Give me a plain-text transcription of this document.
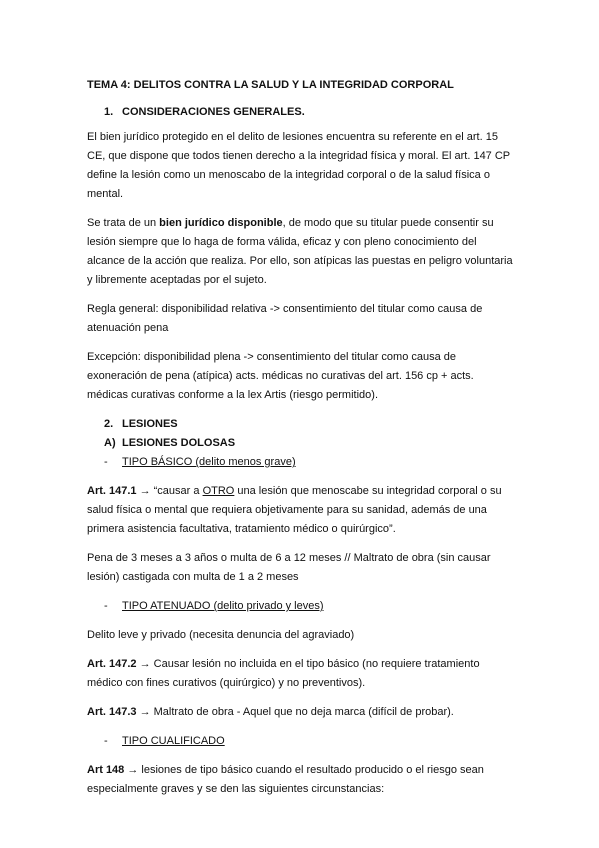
TEMA 4: DELITOS CONTRA LA SALUD Y LA INTEGRIDAD CORPORAL

1. CONSIDERACIONES GENERALES.

El bien jurídico protegido en el delito de lesiones encuentra su referente en el art. 15 CE, que dispone que todos tienen derecho a la integridad física y moral. El art. 147 CP define la lesión como un menoscabo de la integridad corporal o de la salud física o mental.

Se trata de un bien jurídico disponible, de modo que su titular puede consentir su lesión siempre que lo haga de forma válida, eficaz y con pleno conocimiento del alcance de la acción que realiza. Por ello, son atípicas las puestas en peligro voluntaria y libremente aceptadas por el sujeto.

Regla general: disponibilidad relativa -> consentimiento del titular como causa de atenuación pena

Excepción: disponibilidad plena -> consentimiento del titular como causa de exoneración de pena (atípica) acts. médicas no curativas del art. 156 cp + acts. médicas curativas conforme a la lex Artis (riesgo permitido).

2. LESIONES

A) LESIONES DOLOSAS

- TIPO BÁSICO (delito menos grave)

Art. 147.1 → “causar a OTRO una lesión que menoscabe su integridad corporal o su salud física o mental que requiera objetivamente para su sanidad, además de una primera asistencia facultativa, tratamiento médico o quirúrgico”.

Pena de 3 meses a 3 años o multa de 6 a 12 meses // Maltrato de obra (sin causar lesión) castigada con multa de 1 a 2 meses

- TIPO ATENUADO (delito privado y leves)

Delito leve y privado (necesita denuncia del agraviado)

Art. 147.2 → Causar lesión no incluida en el tipo básico (no requiere tratamiento médico con fines curativos (quirúrgico) y no preventivos).

Art. 147.3 → Maltrato de obra - Aquel que no deja marca (difícil de probar).

- TIPO CUALIFICADO

Art 148 → lesiones de tipo básico cuando el resultado producido o el riesgo sean especialmente graves y se den las siguientes circunstancias:
